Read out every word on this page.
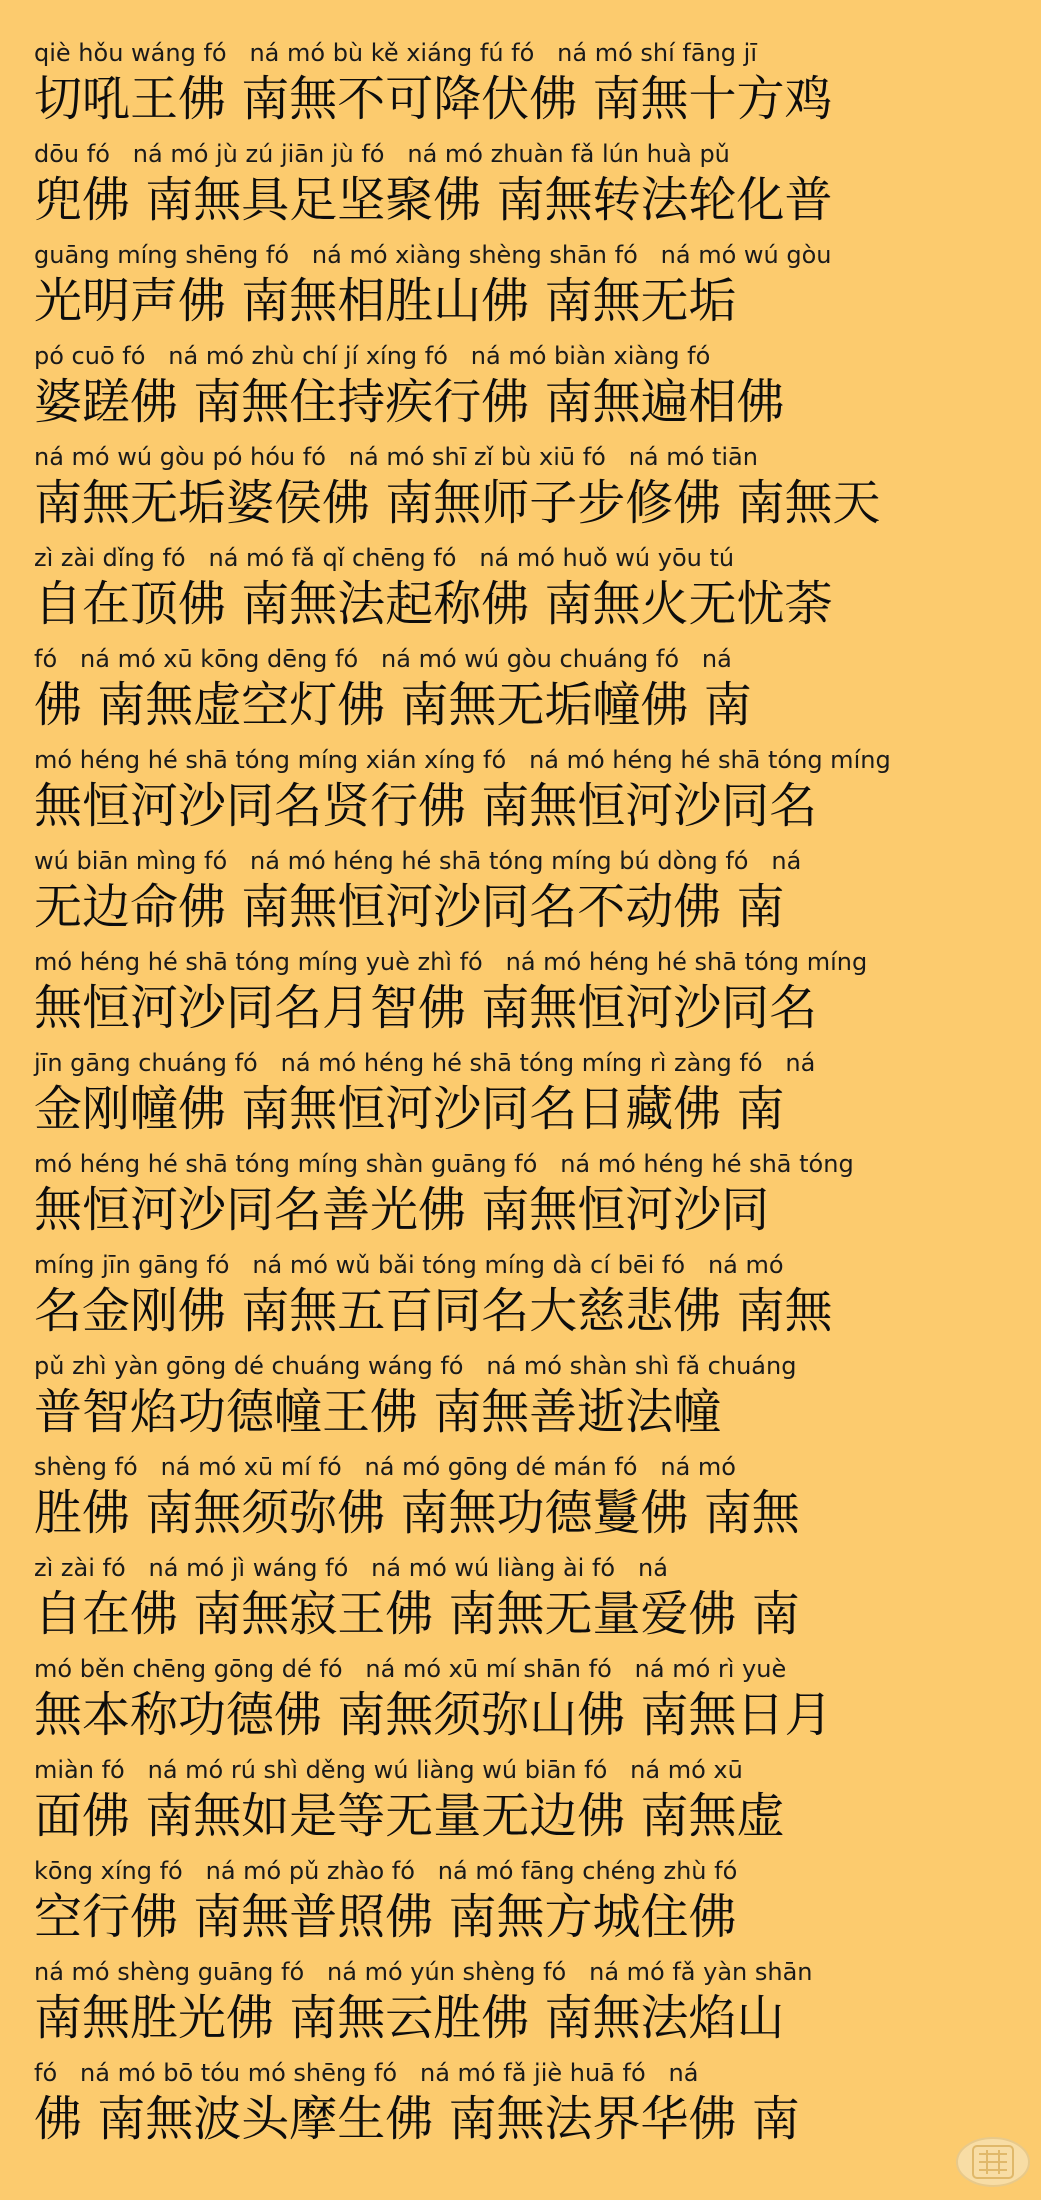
qiè hǒu wáng fó   ná mó bù kě xiáng fú fó   ná mó shí fāng jī
切吼王佛 南無不可降伏佛 南無十方鸡
dōu fó   ná mó jù zú jiān jù fó   ná mó zhuàn fǎ lún huà pǔ
兜佛 南無具足坚聚佛 南無转法轮化普
guāng míng shēng fó   ná mó xiàng shèng shān fó   ná mó wú gòu
光明声佛 南無相胜山佛 南無无垢
pó cuō fó   ná mó zhù chí jí xíng fó   ná mó biàn xiàng fó
婆蹉佛 南無住持疾行佛 南無遍相佛
ná mó wú gòu pó hóu fó   ná mó shī zǐ bù xiū fó   ná mó tiān
南無无垢婆侯佛 南無师子步修佛 南無天
zì zài dǐng fó   ná mó fǎ qǐ chēng fó   ná mó huǒ wú yōu tú
自在顶佛 南無法起称佛 南無火无忧荼
fó   ná mó xū kōng dēng fó   ná mó wú gòu chuáng fó   ná
佛 南無虚空灯佛 南無无垢幢佛 南
mó héng hé shā tóng míng xián xíng fó   ná mó héng hé shā tóng míng
無恒河沙同名贤行佛 南無恒河沙同名
wú biān mìng fó   ná mó héng hé shā tóng míng bú dòng fó   ná
无边命佛 南無恒河沙同名不动佛 南
mó héng hé shā tóng míng yuè zhì fó   ná mó héng hé shā tóng míng
無恒河沙同名月智佛 南無恒河沙同名
jīn gāng chuáng fó   ná mó héng hé shā tóng míng rì zàng fó   ná
金刚幢佛 南無恒河沙同名日藏佛 南
mó héng hé shā tóng míng shàn guāng fó   ná mó héng hé shā tóng
無恒河沙同名善光佛 南無恒河沙同
míng jīn gāng fó   ná mó wǔ bǎi tóng míng dà cí bēi fó   ná mó
名金刚佛 南無五百同名大慈悲佛 南無
pǔ zhì yàn gōng dé chuáng wáng fó   ná mó shàn shì fǎ chuáng
普智焰功德幢王佛 南無善逝法幢
shèng fó   ná mó xū mí fó   ná mó gōng dé mán fó   ná mó
胜佛 南無须弥佛 南無功德鬘佛 南無
zì zài fó   ná mó jì wáng fó   ná mó wú liàng ài fó   ná
自在佛 南無寂王佛 南無无量爱佛 南
mó běn chēng gōng dé fó   ná mó xū mí shān fó   ná mó rì yuè
無本称功德佛 南無须弥山佛 南無日月
miàn fó   ná mó rú shì děng wú liàng wú biān fó   ná mó xū
面佛 南無如是等无量无边佛 南無虚
kōng xíng fó   ná mó pǔ zhào fó   ná mó fāng chéng zhù fó
空行佛 南無普照佛 南無方城住佛
ná mó shèng guāng fó   ná mó yún shèng fó   ná mó fǎ yàn shān
南無胜光佛 南無云胜佛 南無法焰山
fó   ná mó bō tóu mó shēng fó   ná mó fǎ jiè huā fó   ná
佛 南無波头摩生佛 南無法界华佛 南
